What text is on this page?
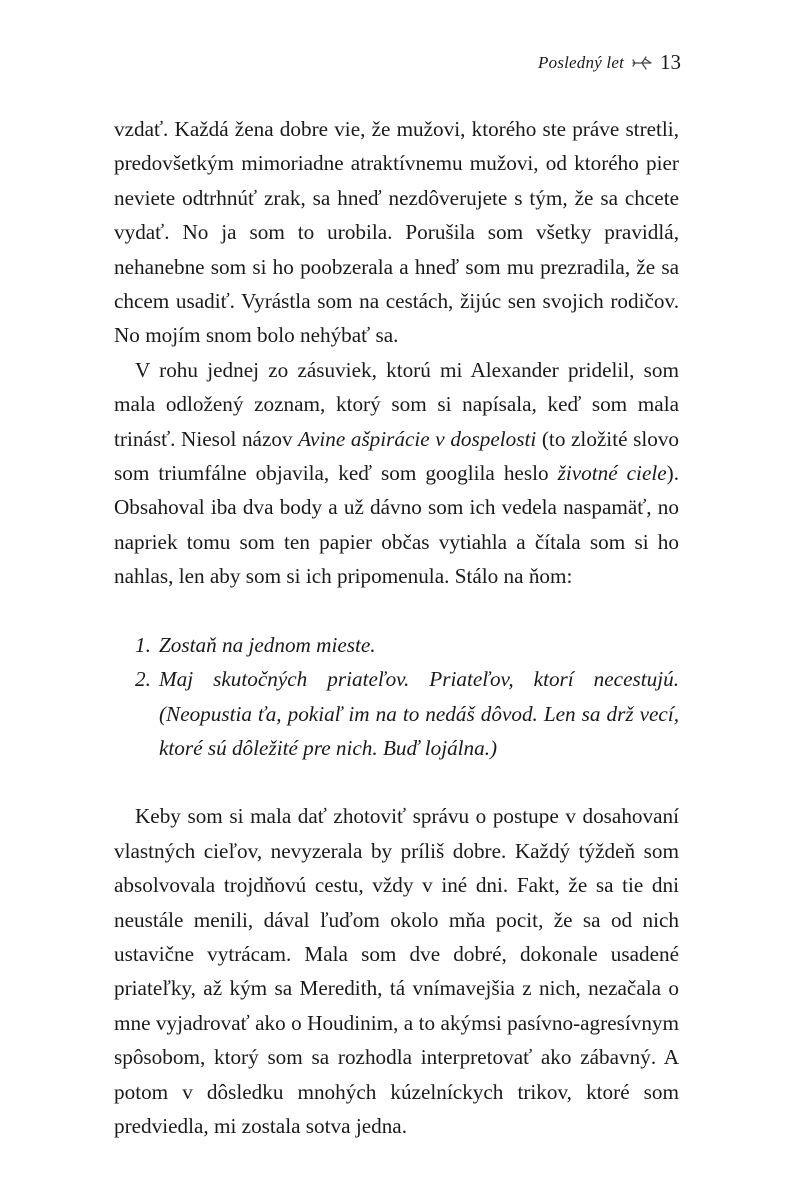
Posledný let 13

vzdať. Každá žena dobre vie, že mužovi, ktorého ste práve stretli, predovšetkým mimoriadne atraktívnemu mužovi, od ktorého pier neviete odtrhnúť zrak, sa hneď nezdôverujete s tým, že sa chcete vydať. No ja som to urobila. Porušila som všetky pravidlá, nehanebne som si ho poobzerala a hneď som mu prezradila, že sa chcem usadiť. Vyrástla som na cestách, žijúc sen svojich rodičov. No mojím snom bolo nehýbať sa.

V rohu jednej zo zásuviek, ktorú mi Alexander pridelil, som mala odložený zoznam, ktorý som si napísala, keď som mala trinásť. Niesol názov Avine ašpirácie v dospelosti (to zložité slovo som triumfálne objavila, keď som googlila heslo životné ciele). Obsahoval iba dva body a už dávno som ich vedela naspamäť, no napriek tomu som ten papier občas vytiahla a čítala som si ho nahlas, len aby som si ich pripomenula. Stálo na ňom:

1. Zostaň na jednom mieste.
2. Maj skutočných priateľov. Priateľov, ktorí necestujú. (Neopustia ťa, pokiaľ im na to nedáš dôvod. Len sa drž vecí, ktoré sú dôležité pre nich. Buď lojálna.)

Keby som si mala dať zhotoviť správu o postupe v dosahovaní vlastných cieľov, nevyzerala by príliš dobre. Každý týždeň som absolvovala trojdňovú cestu, vždy v iné dni. Fakt, že sa tie dni neustále menili, dával ľuďom okolo mňa pocit, že sa od nich ustavične vytrácam. Mala som dve dobré, dokonale usadené priateľky, až kým sa Meredith, tá vnímavejšia z nich, nezačala o mne vyjadrovať ako o Houdinim, a to akýmsi pasívno-agresívnym spôsobom, ktorý som sa rozhodla interpretovať ako zábavný. A potom v dôsledku mnohých kúzelníckych trikov, ktoré som predviedla, mi zostala sotva jedna.
